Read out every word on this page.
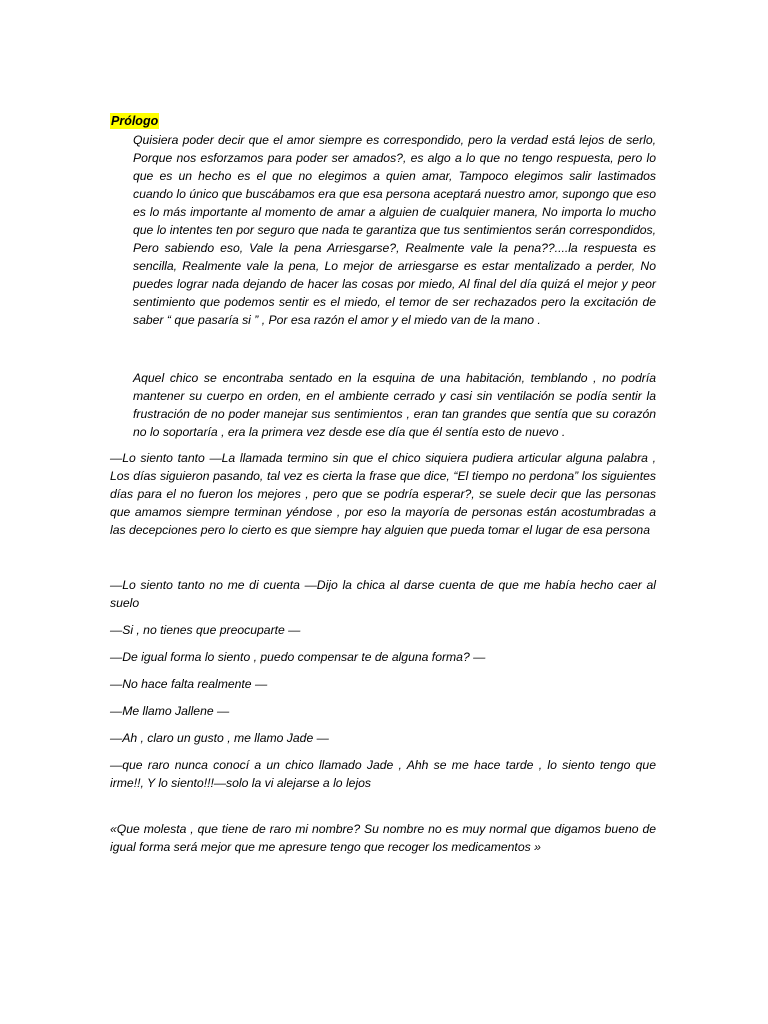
Prólogo

Quisiera poder decir que el amor siempre es correspondido, pero la verdad está lejos de serlo, Porque nos esforzamos para poder ser amados?, es algo a lo que no tengo respuesta, pero lo que es un hecho es el que no elegimos a quien amar, Tampoco elegimos salir lastimados cuando lo único que buscábamos era que esa persona aceptará nuestro amor, supongo que eso es lo más importante al momento de amar a alguien de cualquier manera, No importa lo mucho que lo intentes ten por seguro que nada te garantiza que tus sentimientos serán correspondidos, Pero sabiendo eso, Vale la pena Arriesgarse?, Realmente vale la pena??....la respuesta es sencilla, Realmente vale la pena, Lo mejor de arriesgarse es estar mentalizado a perder, No puedes lograr nada dejando de hacer las cosas por miedo, Al final del día quizá el mejor y peor sentimiento que podemos sentir es el miedo, el temor de ser rechazados pero la excitación de saber “ que pasaría si ” , Por esa razón el amor y el miedo van de la mano .

Aquel chico se encontraba sentado en la esquina de una habitación, temblando , no podría mantener su cuerpo en orden, en el ambiente cerrado y casi sin ventilación se podía sentir la frustración de no poder manejar sus sentimientos , eran tan grandes que sentía que su corazón no lo soportaría , era la primera vez desde ese día que él sentía esto de nuevo .

—Lo siento tanto —La llamada termino sin que el chico siquiera pudiera articular alguna palabra , Los días siguieron pasando, tal vez es cierta la frase que dice, “El tiempo no perdona” los siguientes días para el no fueron los mejores , pero que se podría esperar?, se suele decir que las personas que amamos siempre terminan yéndose , por eso la mayoría de personas están acostumbradas a las decepciones pero lo cierto es que siempre hay alguien que pueda tomar el lugar de esa persona

—Lo siento tanto no me di cuenta —Dijo la chica al darse cuenta de que me había hecho caer al suelo

—Si , no tienes que preocuparte —

—De igual forma lo siento , puedo compensar te de alguna forma? —

—No hace falta realmente —

—Me llamo Jallene —

—Ah , claro un gusto , me llamo Jade —

—que raro nunca conocí a un chico llamado Jade , Ahh se me hace tarde , lo siento tengo que irme!!, Y lo siento!!!—solo la vi alejarse a lo lejos

«Que molesta , que tiene de raro mi nombre? Su nombre no es muy normal que digamos bueno de igual forma será mejor que me apresure tengo que recoger los medicamentos »
